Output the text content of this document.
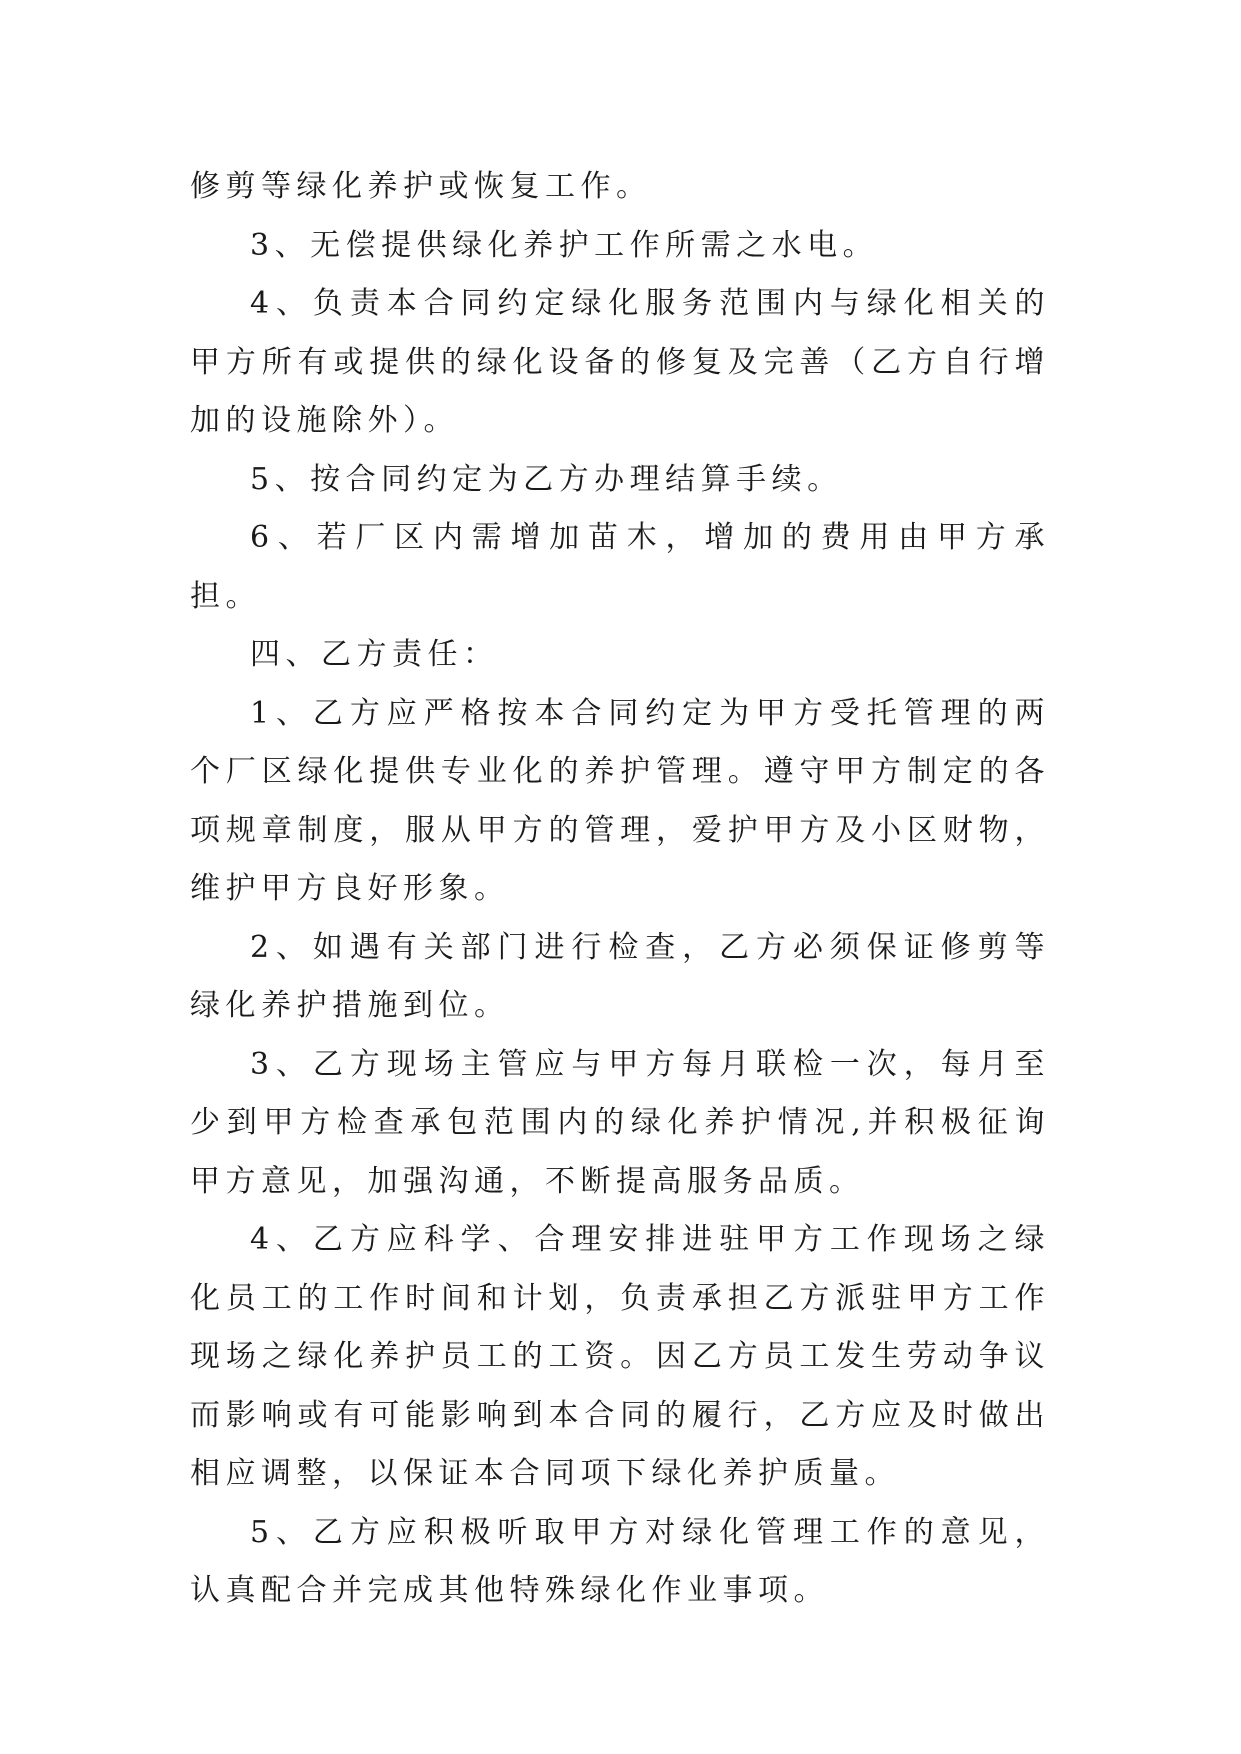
修剪等绿化养护或恢复工作。

3、无偿提供绿化养护工作所需之水电。

4、负责本合同约定绿化服务范围内与绿化相关的甲方所有或提供的绿化设备的修复及完善（乙方自行增加的设施除外）。

5、按合同约定为乙方办理结算手续。

6、若厂区内需增加苗木，增加的费用由甲方承担。

四、乙方责任：

1、乙方应严格按本合同约定为甲方受托管理的两个厂区绿化提供专业化的养护管理。遵守甲方制定的各项规章制度，服从甲方的管理，爱护甲方及小区财物，维护甲方良好形象。

2、如遇有关部门进行检查，乙方必须保证修剪等绿化养护措施到位。

3、乙方现场主管应与甲方每月联检一次，每月至少到甲方检查承包范围内的绿化养护情况,并积极征询甲方意见，加强沟通，不断提高服务品质。

4、乙方应科学、合理安排进驻甲方工作现场之绿化员工的工作时间和计划，负责承担乙方派驻甲方工作现场之绿化养护员工的工资。因乙方员工发生劳动争议而影响或有可能影响到本合同的履行，乙方应及时做出相应调整，以保证本合同项下绿化养护质量。

5、乙方应积极听取甲方对绿化管理工作的意见，认真配合并完成其他特殊绿化作业事项。
